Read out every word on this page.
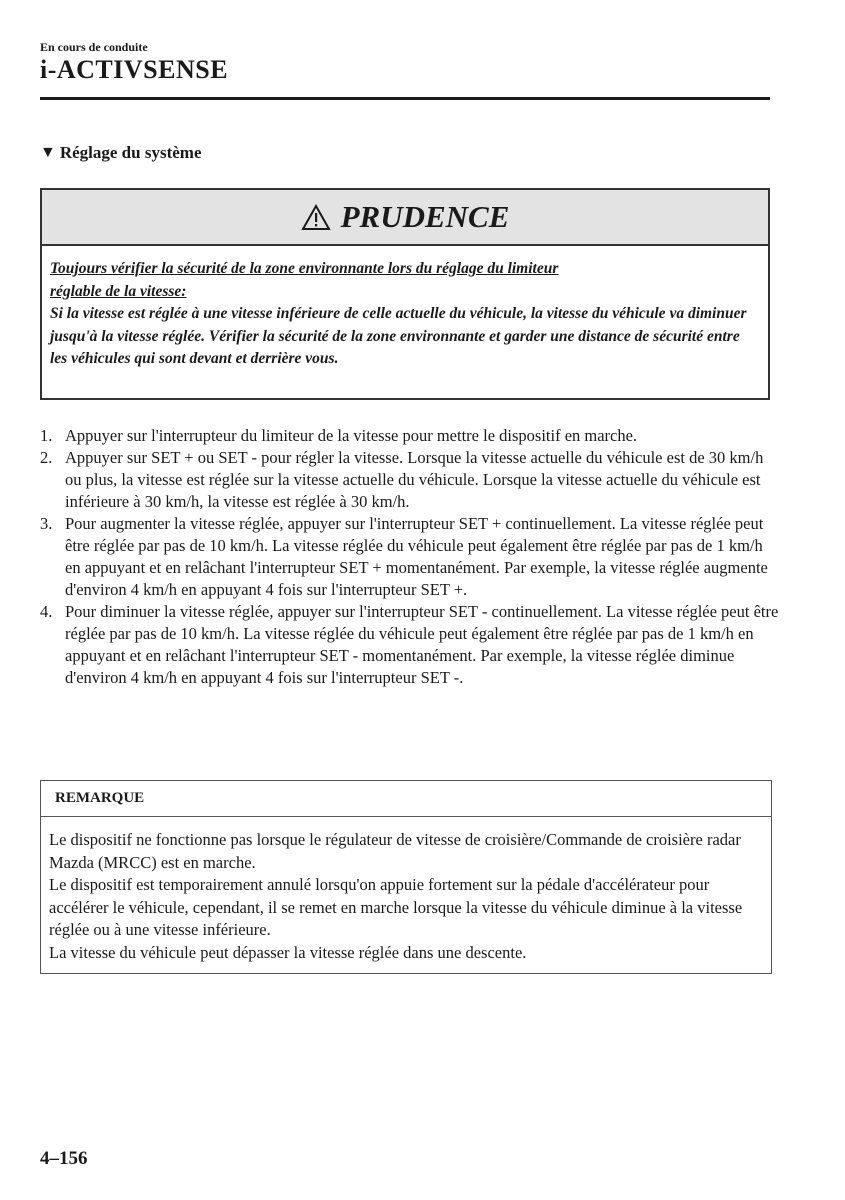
En cours de conduite
i-ACTIVSENSE
▼ Réglage du système
PRUDENCE
Toujours vérifier la sécurité de la zone environnante lors du réglage du limiteur
réglable de la vitesse:
Si la vitesse est réglée à une vitesse inférieure de celle actuelle du véhicule, la vitesse du véhicule va diminuer jusqu'à la vitesse réglée. Vérifier la sécurité de la zone environnante et garder une distance de sécurité entre les véhicules qui sont devant et derrière vous.
1. Appuyer sur l'interrupteur du limiteur de la vitesse pour mettre le dispositif en marche.
2. Appuyer sur SET + ou SET - pour régler la vitesse. Lorsque la vitesse actuelle du véhicule est de 30 km/h ou plus, la vitesse est réglée sur la vitesse actuelle du véhicule. Lorsque la vitesse actuelle du véhicule est inférieure à 30 km/h, la vitesse est réglée à 30 km/h.
3. Pour augmenter la vitesse réglée, appuyer sur l'interrupteur SET + continuellement. La vitesse réglée peut être réglée par pas de 10 km/h. La vitesse réglée du véhicule peut également être réglée par pas de 1 km/h en appuyant et en relâchant l'interrupteur SET + momentanément. Par exemple, la vitesse réglée augmente d'environ 4 km/h en appuyant 4 fois sur l'interrupteur SET +.
4. Pour diminuer la vitesse réglée, appuyer sur l'interrupteur SET - continuellement. La vitesse réglée peut être réglée par pas de 10 km/h. La vitesse réglée du véhicule peut également être réglée par pas de 1 km/h en appuyant et en relâchant l'interrupteur SET - momentanément. Par exemple, la vitesse réglée diminue d'environ 4 km/h en appuyant 4 fois sur l'interrupteur SET -.
REMARQUE
Le dispositif ne fonctionne pas lorsque le régulateur de vitesse de croisière/Commande de croisière radar Mazda (MRCC) est en marche.
Le dispositif est temporairement annulé lorsqu'on appuie fortement sur la pédale d'accélérateur pour accélérer le véhicule, cependant, il se remet en marche lorsque la vitesse du véhicule diminue à la vitesse réglée ou à une vitesse inférieure.
La vitesse du véhicule peut dépasser la vitesse réglée dans une descente.
4–156
